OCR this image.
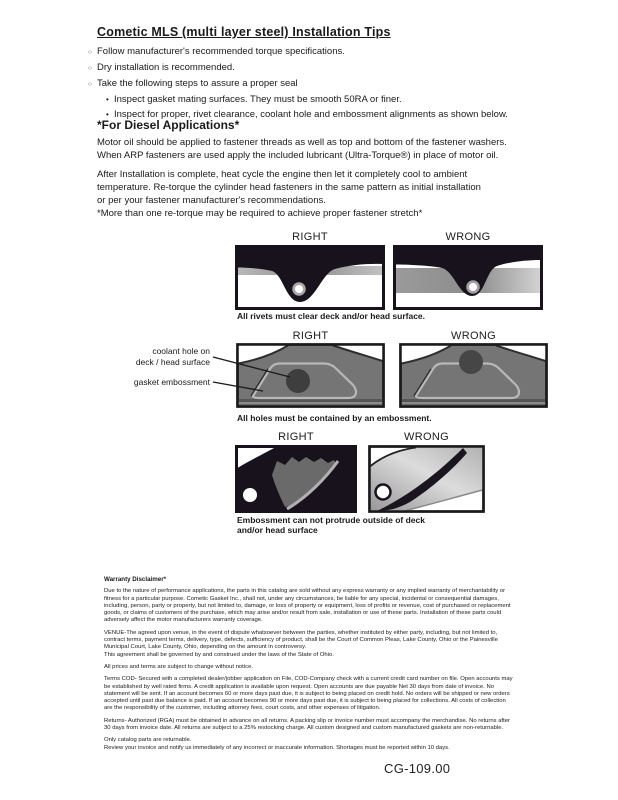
Cometic MLS (multi layer steel) Installation Tips
○ Follow manufacturer's recommended torque specifications.
○ Dry installation is recommended.
○ Take the following steps to assure a proper seal
• Inspect gasket mating surfaces. They must be smooth 50RA or finer.
• Inspect for proper, rivet clearance, coolant hole and embossment alignments as shown below.
*For Diesel Applications*
Motor oil should be applied to fastener threads as well as top and bottom of the fastener washers.
When ARP fasteners are used apply the included lubricant (Ultra-Torque®) in place of motor oil.
After Installation is complete, heat cycle the engine then let it completely cool to ambient
temperature. Re-torque the cylinder head fasteners in the same pattern as initial installation
or per your fastener manufacturer's recommendations.
*More than one re-torque may be required to achieve proper fastener stretch*
RIGHT	WRONG
All rivets must clear deck and/or head surface.
RIGHT	WRONG
coolant hole on
deck / head surface
gasket embossment
All holes must be contained by an embossment.
RIGHT	WRONG
Embossment can not protrude outside of deck and/or head surface
Warranty Disclaimer*
Due to the nature of performance applications, the parts in this catalog are sold without any express warranty or any implied warranty of merchantability or
fitness for a particular purpose. Cometic Gasket Inc., shall not, under any circumstances, be liable for any special, incidental or consequential damages,
including, person, party or property, but not limited to, damage, or loss of property or equipment, loss of profits or revenue, cost of purchased or replacement
goods, or claims of customers of the purchase, which may arise and/or result from sale, installation or use of these parts. Installation of these parts could
adversely affect the motor manufacturers warranty coverage.
VENUE-The agreed upon venue, in the event of dispute whatsoever between the parties, whether instituted by either party, including, but not limited to,
contract terms, payment terms, delivery, type, defects, sufficiency of product, shall be the Court of Common Pleas, Lake County, Ohio or the Painesville
Municipal Court, Lake County, Ohio, depending on the amount in controversy.
This agreement shall be governed by and construed under the laws of the State of Ohio.
All prices and terms are subject to change without notice.
Terms COD- Secured with a completed dealer/jobber application on File, COD-Company check with a current credit card number on file. Open accounts may
be established by well rated firms. A credit application is available upon request. Open accounts are due payable Net 30 days from date of invoice. No
statement will be sent. If an account becomes 60 or more days past due, it is subject to being placed on credit hold. No orders will be shipped or new orders
accepted until past due balance is paid. If an account becomes 90 or more days past due, it is subject to being placed for collections. All costs of collection
are the responsibility of the customer, including attorney fees, court costs, and other expenses of litigation.
Returns- Authorized (RGA) must be obtained in advance on all returns. A packing slip or invoice number must accompany the merchandise. No returns after
30 days from invoice date. All returns are subject to a 25% restocking charge. All custom designed and custom manufactured gaskets are non-returnable.
Only catalog parts are returnable.
Review your invoice and notify us immediately of any incorrect or inaccurate information. Shortages must be reported within 10 days.
CG-109.00
